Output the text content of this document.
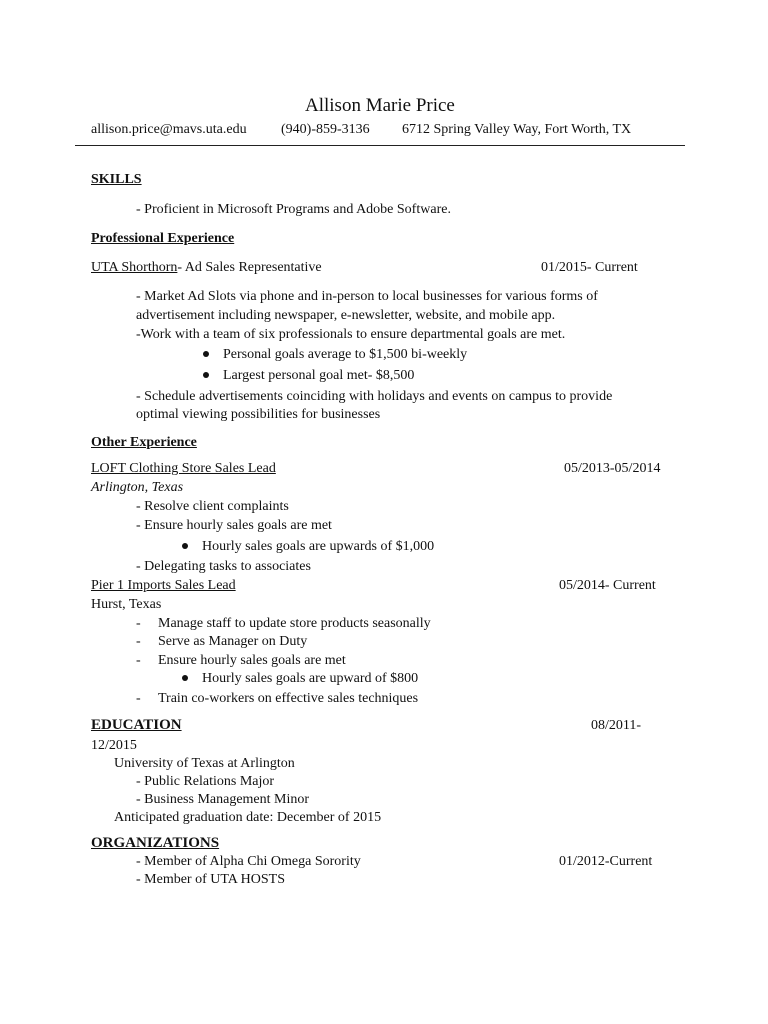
Allison Marie Price
allison.price@mavs.uta.edu (940)-859-3136 6712 Spring Valley Way, Fort Worth, TX
SKILLS
- Proficient in Microsoft Programs and Adobe Software.
Professional Experience
UTA Shorthorn- Ad Sales Representative	01/2015- Current
- Market Ad Slots via phone and in-person to local businesses for various forms of
advertisement including newspaper, e-newsletter, website, and mobile app.
-Work with a team of six professionals to ensure departmental goals are met.
Personal goals average to $1,500 bi-weekly
Largest personal goal met- $8,500
- Schedule advertisements coinciding with holidays and events on campus to provide
optimal viewing possibilities for businesses
Other Experience
LOFT Clothing Store Sales Lead	05/2013-05/2014
Arlington, Texas
- Resolve client complaints
- Ensure hourly sales goals are met
Hourly sales goals are upwards of $1,000
- Delegating tasks to associates
Pier 1 Imports Sales Lead	05/2014- Current
Hurst, Texas
- Manage staff to update store products seasonally
- Serve as Manager on Duty
- Ensure hourly sales goals are met
Hourly sales goals are upward of $800
- Train co-workers on effective sales techniques
EDUCATION	08/2011-
12/2015
University of Texas at Arlington
- Public Relations Major
- Business Management Minor
Anticipated graduation date: December of 2015
ORGANIZATIONS
- Member of Alpha Chi Omega Sorority	01/2012-Current
- Member of UTA HOSTS
